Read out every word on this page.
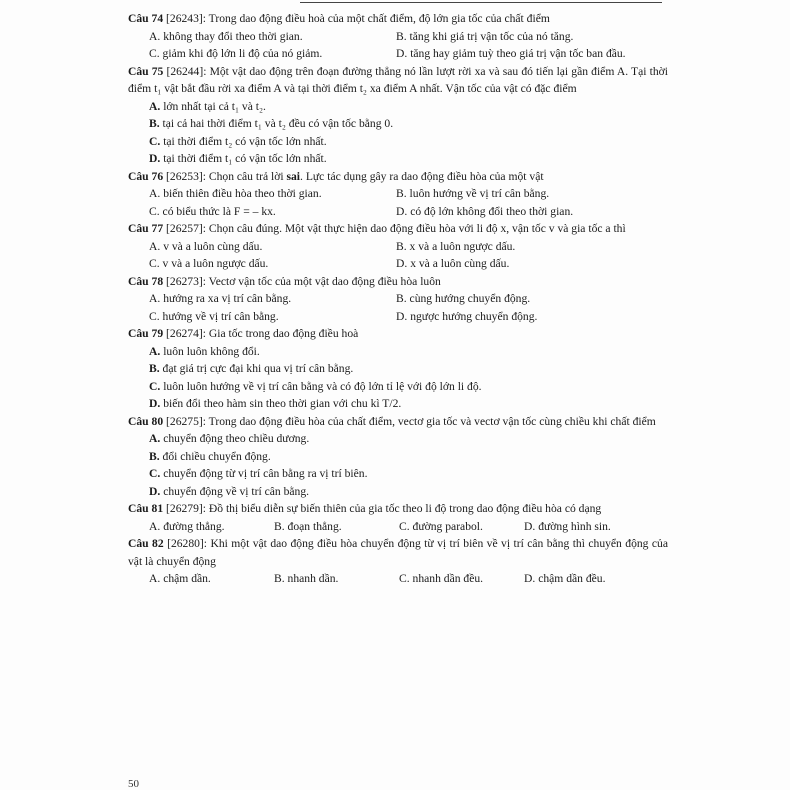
Câu 74 [26243]: Trong dao động điều hoà của một chất điểm, độ lớn gia tốc của chất điểm

A. không thay đổi theo thời gian.	B. tăng khi giá trị vận tốc của nó tăng.
C. giảm khi độ lớn li độ của nó giảm.	D. tăng hay giảm tuỳ theo giá trị vận tốc ban đầu.

Câu 75 [26244]: Một vật dao động trên đoạn đường thẳng nó lần lượt rời xa và sau đó tiến lại gần điểm A. Tại thời điểm t₁ vật bắt đầu rời xa điểm A và tại thời điểm t₂ xa điểm A nhất. Vận tốc của vật có đặc điểm

A. lớn nhất tại cả t₁ và t₂.

B. tại cả hai thời điểm t₁ và t₂ đều có vận tốc bằng 0.

C. tại thời điểm t₂ có vận tốc lớn nhất.

D. tại thời điểm t₁ có vận tốc lớn nhất.

Câu 76 [26253]: Chọn câu trả lời sai. Lực tác dụng gây ra dao động điều hòa của một vật

A. biến thiên điều hòa theo thời gian.	B. luôn hướng về vị trí cân bằng.
C. có biểu thức là F = – kx.	D. có độ lớn không đổi theo thời gian.

Câu 77 [26257]: Chọn câu đúng. Một vật thực hiện dao động điều hòa với li độ x, vận tốc v và gia tốc a thì

A. v và a luôn cùng dấu.	B. x và a luôn ngược dấu.
C. v và a luôn ngược dấu.	D. x và a luôn cùng dấu.

Câu 78 [26273]: Vectơ vận tốc của một vật dao động điều hòa luôn

A. hướng ra xa vị trí cân bằng.	B. cùng hướng chuyển động.
C. hướng về vị trí cân bằng.	D. ngược hướng chuyển động.

Câu 79 [26274]: Gia tốc trong dao động điều hoà

A. luôn luôn không đổi.

B. đạt giá trị cực đại khi qua vị trí cân bằng.

C. luôn luôn hướng về vị trí cân bằng và có độ lớn tỉ lệ với độ lớn li độ.

D. biến đổi theo hàm sin theo thời gian với chu kì T/2.

Câu 80 [26275]: Trong dao động điều hòa của chất điểm, vectơ gia tốc và vectơ vận tốc cùng chiều khi chất điểm

A. chuyển động theo chiều dương.

B. đổi chiều chuyển động.

C. chuyển động từ vị trí cân bằng ra vị trí biên.

D. chuyển động về vị trí cân bằng.

Câu 81 [26279]: Đồ thị biểu diễn sự biến thiên của gia tốc theo li độ trong dao động điều hòa có dạng

A. đường thẳng.	B. đoạn thẳng.	C. đường parabol.	D. đường hình sin.

Câu 82 [26280]: Khi một vật dao động điều hòa chuyển động từ vị trí biên về vị trí cân bằng thì chuyển động của vật là chuyển động

A. chậm dần.	B. nhanh dần.	C. nhanh dần đều.	D. chậm dần đều.
50
